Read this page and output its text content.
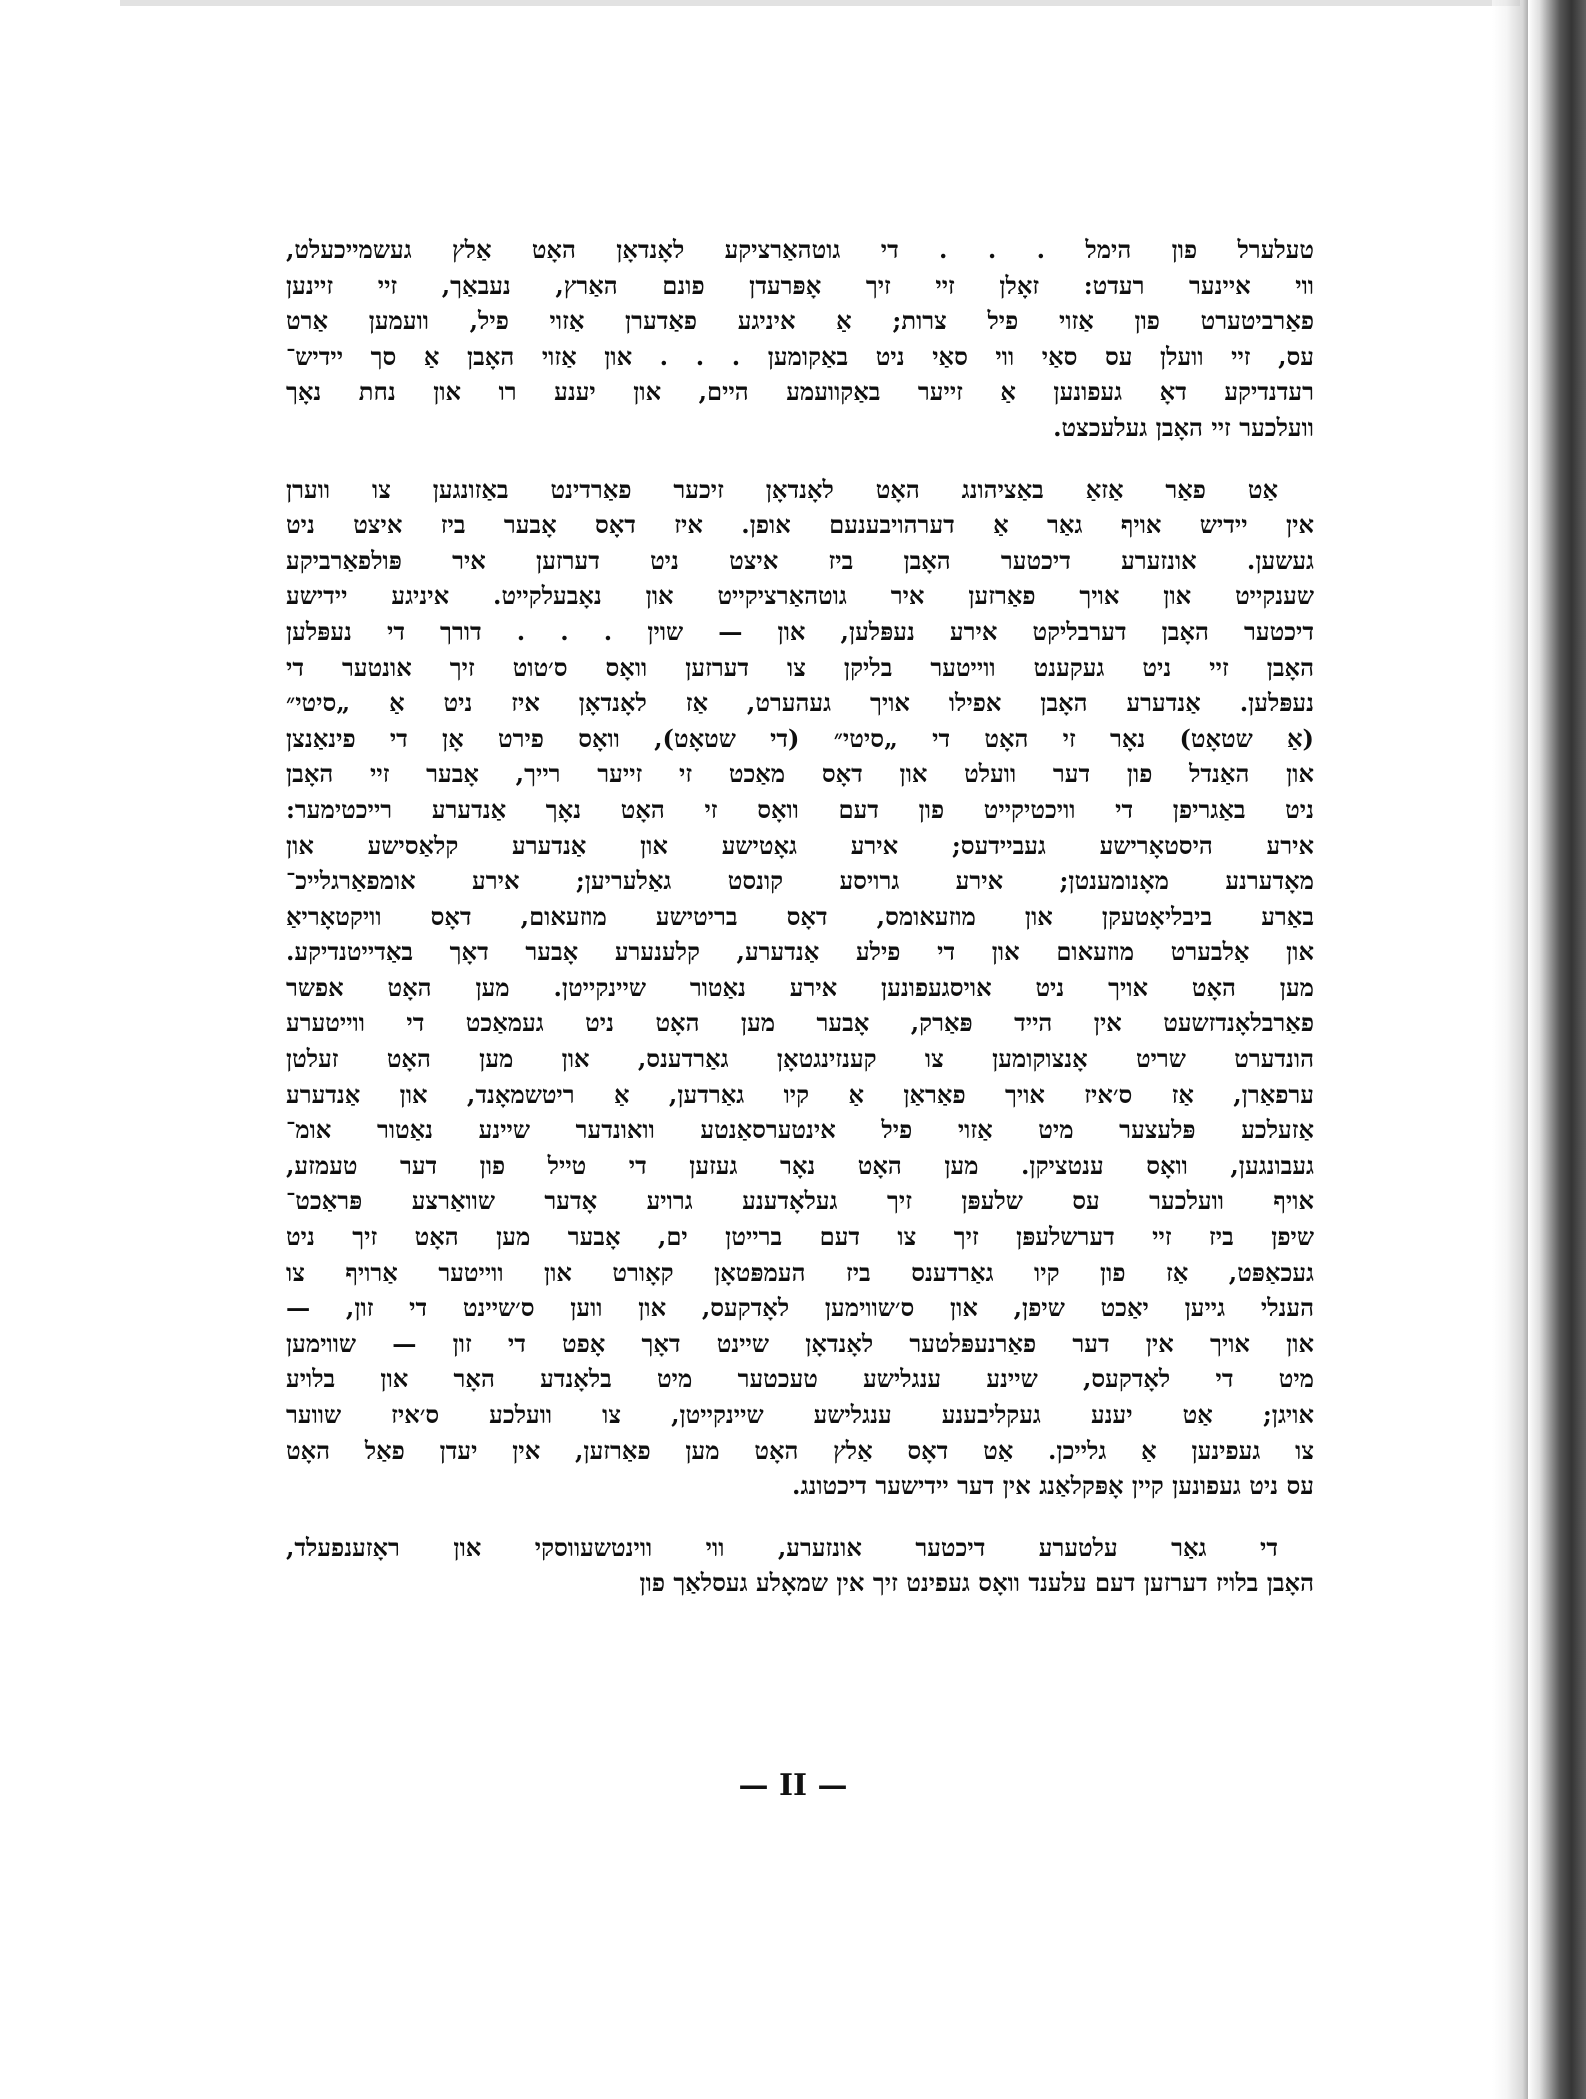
טעלערל פון הימל . . . די גוטהאַרציקע לאָנדאָן האָט אַלץ געשמייכעלט,
ווי איינער רעדט: זאָלן זיי זיך אָפּרעדן פונם האַרץ, נעבאַך, זיי זיינען
פאַרביטערט פון אַזוי פיל צרות; אַ איניגע פאַדערן אַזוי פיל, וועמען אַרט
עס, זיי וועלן עס סאַי ווי סאַי ניט באַקומען . . . און אַזוי האָבן אַ סך יידיש־
רעדנדיקע דאָ געפונען אַ זייער באַקוועמע היים, און יענע רו און נחת נאָך
וועלכער זיי האָבן געלעכצט.
אַט פאַר אַזאַ באַציהונג האָט לאָנדאָן זיכער פאַרדינט באַזונגען צו ווערן
אין יידיש אויף גאַר אַ דערהויבענעם אופן. איז דאָס אָבער ביז איצט ניט
געשען. אונזערע דיכטער האָבן ביז איצט ניט דערזען איר פּולפאַרביקע
שענקייט און אויך פאַרזען איר גוטהאַרציקייט און נאָבעלקייט. איניגע יידישע
דיכטער האָבן דערבליקט אירע נעפּלען, און — שוין . . . דורך די נעפּלען
האָבן זיי ניט געקענט ווייטער בליקן צו דערזען וואָס ס׳טוט זיך אונטער די
נעפּלען. אַנדערע האָבן אפילו אויך געהערט, אַז לאָנדאָן איז ניט אַ „סיטי״
(אַ שטאָט) נאָר זי האָט די „סיטי״ (די שטאָט), וואָס פירט אָן די פינאַנצן
און האַנדל פון דער וועלט און דאָס מאַכט זי זייער רייך, אָבער זיי האָבן
ניט באַגריפן די וויכטיקייט פון דעם וואָס זי האָט נאָך אַנדערע רייכטימער:
אירע היסטאָרישע געביידעס; אירע גאָטישע און אַנדערע קלאַסישע און
מאָדערנע מאָנומענטן; אירע גרויסע קונסט גאַלעריען; אירע אומפאַרגלייכ־
באַרע ביבליאָטעקן און מוזעאומס, דאָס בריטישע מוזעאום, דאָס וויקטאָריאַ
און אַלבערט מוזעאום און די פילע אַנדערע, קלענערע אָבער דאָך באַדייטנדיקע.
מען האָט אויך ניט אויסגעפונען אירע נאַטור שיינקייטן. מען האָט אפשר
פאַרבלאָנדזשעט אין הייד פּאַרק, אָבער מען האָט ניט געמאַכט די ווייטערע
הונדערט שריט אָנצוקומען צו קענזינגטאָן גאַרדענס, און מען האָט זעלטן
ערפאַרן, אַז ס׳איז אויך פאַראַן אַ קיו גאַרדען, אַ ריטשמאָנד, און אַנדערע
אַזעלכע פּלעצער מיט אַזוי פיל אינטערסאַנטע וואונדער שיינע נאַטור אומ־
געבונגען, וואָס ענטציקן. מען האָט נאָר געזען די טייל פון דער טעמזע,
אויף וועלכער עס שלעפּן זיך געלאָדענע גרויע אָדער שוואַרצע פּראַכט־
שיפן ביז זיי דערשלעפּן זיך צו דעם ברייטן ים, אָבער מען האָט זיך ניט
געכאַפּט, אַז פון קיו גאַרדענס ביז העמפּטאָן קאָורט און ווייטער אַרויף צו
הענלי גייען יאַכט שיפן, און ס׳שווימען לאָדקעס, און ווען ס׳שיינט די זון, —
און אויך אין דער פאַרנעפּלטער לאָנדאָן שיינט דאָך אָפט די זון — שווימען
מיט די לאָדקעס, שיינע ענגלישע טעכטער מיט בלאָנדע האָר און בלויע
אויגן; אַט יענע געקליבענע ענגלישע שיינקייטן, צו וועלכע ס׳איז שווער
צו געפינען אַ גלייכן. אַט דאָס אַלץ האָט מען פאַרזען, אין יעדן פאַל האָט
עס ניט געפונען קיין אָפּקלאַנג אין דער יידישער דיכטונג.
די גאַר עלטערע דיכטער אונזערע, ווי ווינטשעווסקי און ראָזענפעלד,
האָבן בלויז דערזען דעם עלענד וואָס געפינט זיך אין שמאָלע געסלאַך פון
— II —
